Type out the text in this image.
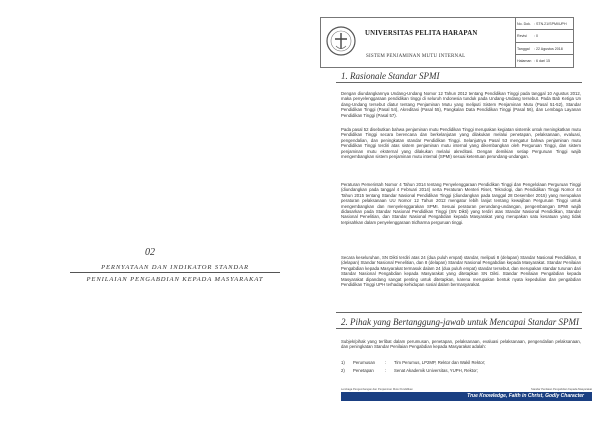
02
PERNYATAAN DAN INDIKATOR STANDAR
PENILAIAN PENGABDIAN KEPADA MASYARAKAT
UNIVERSITAS PELITA HARAPAN
SISTEM PENJAMINAN MUTU INTERNAL
No. Dok. : STN.21/SPMI/UPH
Revisi : 0
Tanggal : 22 Agustus 2018
Halaman : 6 dari 15
1. Rasionale Standar SPMI
Dengan diundangkannya Undang-Undang Nomor 12 Tahun 2012 tentang Pendidikan Tinggi pada tanggal 10 Agustus 2012, maka penyelenggaraan pendidikan tinggi di seluruh Indonesia tunduk pada Undang-Undang tersebut. Pada Bab Ketiga Un dang-Undang tersebut diatur tentang Penjaminan Mutu yang meliputi Sistem Penjaminan Mutu (Pasal 51-52), Standar Pendidikan Tinggi (Pasal 54), Akreditasi (Pasal 55), Pangkalan Data Pendidikan Tinggi (Pasal 56), dan Lembaga Layanan Pendidikan Tinggi (Pasal 57).
Pada pasal 52 disebutkan bahwa penjaminan mutu Pendidikan Tinggi merupakan kegiatan sistemik untuk meningkatkan mutu Pendidikan Tinggi secara berencana dan berkelanjutan yang dilakukan melalui penetapan, pelaksanaan, evaluasi, pengendalian, dan peningkatan standar Pendidikan Tinggi. Selanjutnya Pasal 53 mengatur bahwa penjaminan mutu Pendidikan Tinggi terdiri atas sistem penjaminan mutu internal yang dikembangkan oleh Perguruan Tinggi, dan sistem penjaminan mutu eksternal yang dilakukan melalui akreditasi. Dengan demikian setiap Perguruan Tinggi wajib mengembangkan sistem penjaminan mutu internal (SPMI) sesuai ketentuan perundang-undangan.
Peraturan Pemerintah Nomor 4 Tahun 2014 tentang Penyelenggaraan Pendidikan Tinggi dan Pengelolaan Perguruan Tinggi (diundangkan pada tanggal 4 Februari 2014) serta Peraturan Menteri Riset, Teknologi, dan Pendidikan Tinggi Nomor 44 Tahun 2015 tentang Standar Nasional Pendidikan Tinggi (diundangkan pada tanggal 28 Desember 2015) yang merupakan peraturan pelaksanaan UU Nomor 12 Tahun 2012 mengatur lebih lanjut tentang kewajiban Perguruan Tinggi untuk mengembangkan dan menyelenggarakan SPMI. Sesuai peraturan perundang-undangan, pengembangan SPMI wajib didasarkan pada Standar Nasional Pendidikan Tinggi (SN Dikti) yang terdiri atas Standar Nasional Pendidikan, Standar Nasional Penelitian, dan Standar Nasional Pengabdian kepada Masyarakat yang merupakan satu kesatuan yang tidak terpisahkan dalam penyelenggaraan tridharma perguruan tinggi.
Secara keseluruhan, SN Dikti terdiri atas 24 (dua puluh empat) standar, meliputi 8 (delapan) Standar Nasional Pendidikan, 8 (delapan) Standar Nasional Penelitian, dan 8 (delapan) Standar Nasional Pengabdian kepada Masyarakat. Standar Penilaian Pengabdian kepada Masyarakat termasuk dalam 24 (dua puluh empat) standar tersebut, dan merupakan standar turunan dari Standar Nasional Pengabdian kepada Masyarakat yang ditetapkan SN Dikti. Standar Penilaian Pengabdian kepada Masyarakat dipandang sangat penting untuk ditetapkan, karena merupakan bentuk nyata kepedulian dan pengabdian Pendidikan Tinggi UPH terhadap kehidupan sosial dalam bermasyarakat.
2. Pihak yang Bertanggung-jawab untuk Mencapai Standar SPMI
Subjek/pihak yang terlibat dalam perumusan, penetapan, pelaksanaan, evaluasi pelaksanaan, pengendalian pelaksanaan, dan peningkatan Standar Penilaian Pengabdian kepada Masyarakat adalah:
1) Perumusan : Tim Perumus, LP2MP, Rektor dan Wakil Rektor;
2) Penetapan	: Senat Akademik Universitas, YUPH, Rektor;
Lembaga Pengembangan dan Penjaminan Mutu Pendidikan	Standar Penilaian Pengabdian Kepada Masyarakat
True Knowledge, Faith in Christ, Godly Character
